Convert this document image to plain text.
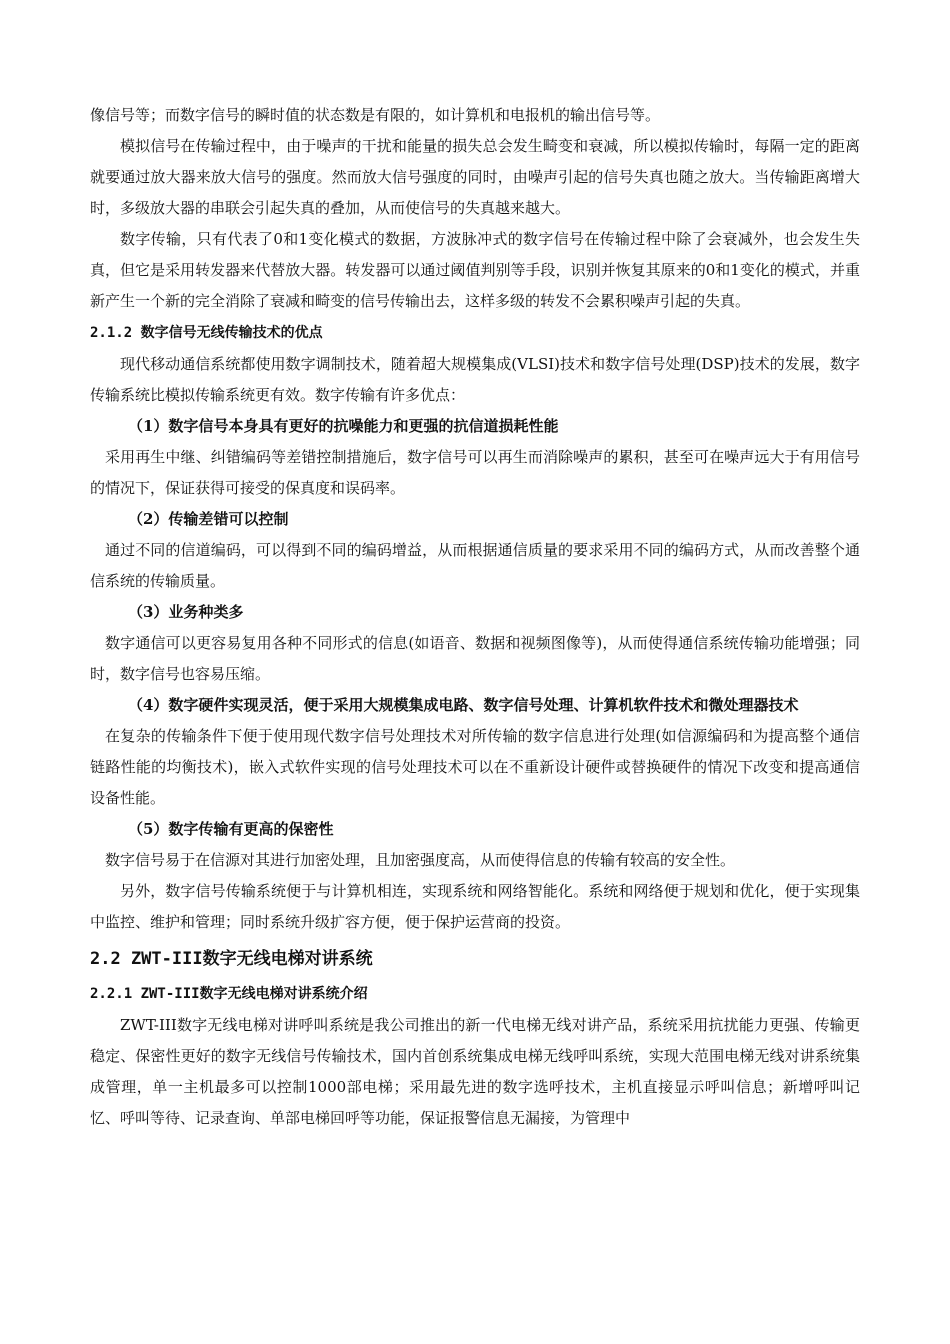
像信号等；而数字信号的瞬时值的状态数是有限的，如计算机和电报机的输出信号等。

模拟信号在传输过程中，由于噪声的干扰和能量的损失总会发生畸变和衰减，所以模拟传输时，每隔一定的距离就要通过放大器来放大信号的强度。然而放大信号强度的同时，由噪声引起的信号失真也随之放大。当传输距离增大时，多级放大器的串联会引起失真的叠加，从而使信号的失真越来越大。

数字传输，只有代表了0和1变化模式的数据，方波脉冲式的数字信号在传输过程中除了会衰减外，也会发生失真，但它是采用转发器来代替放大器。转发器可以通过阈值判别等手段，识别并恢复其原来的0和1变化的模式，并重新产生一个新的完全消除了衰减和畸变的信号传输出去，这样多级的转发不会累积噪声引起的失真。

2.1.2 数字信号无线传输技术的优点

现代移动通信系统都使用数字调制技术，随着超大规模集成(VLSI)技术和数字信号处理(DSP)技术的发展，数字传输系统比模拟传输系统更有效。数字传输有许多优点：

（1）数字信号本身具有更好的抗噪能力和更强的抗信道损耗性能

采用再生中继、纠错编码等差错控制措施后，数字信号可以再生而消除噪声的累积，甚至可在噪声远大于有用信号的情况下，保证获得可接受的保真度和误码率。

（2）传输差错可以控制

通过不同的信道编码，可以得到不同的编码增益，从而根据通信质量的要求采用不同的编码方式，从而改善整个通信系统的传输质量。

（3）业务种类多

数字通信可以更容易复用各种不同形式的信息(如语音、数据和视频图像等)，从而使得通信系统传输功能增强；同时，数字信号也容易压缩。

（4）数字硬件实现灵活，便于采用大规模集成电路、数字信号处理、计算机软件技术和微处理器技术

在复杂的传输条件下便于使用现代数字信号处理技术对所传输的数字信息进行处理(如信源编码和为提高整个通信链路性能的均衡技术)，嵌入式软件实现的信号处理技术可以在不重新设计硬件或替换硬件的情况下改变和提高通信设备性能。

（5）数字传输有更高的保密性

数字信号易于在信源对其进行加密处理，且加密强度高，从而使得信息的传输有较高的安全性。

另外，数字信号传输系统便于与计算机相连，实现系统和网络智能化。系统和网络便于规划和优化，便于实现集中监控、维护和管理；同时系统升级扩容方便，便于保护运营商的投资。

2.2 ZWT-III数字无线电梯对讲系统
2.2.1 ZWT-III数字无线电梯对讲系统介绍

ZWT-III数字无线电梯对讲呼叫系统是我公司推出的新一代电梯无线对讲产品，系统采用抗扰能力更强、传输更稳定、保密性更好的数字无线信号传输技术，国内首创系统集成电梯无线呼叫系统，实现大范围电梯无线对讲系统集成管理，单一主机最多可以控制1000部电梯；采用最先进的数字选呼技术，主机直接显示呼叫信息；新增呼叫记忆、呼叫等待、记录查询、单部电梯回呼等功能，保证报警信息无漏接，为管理中
